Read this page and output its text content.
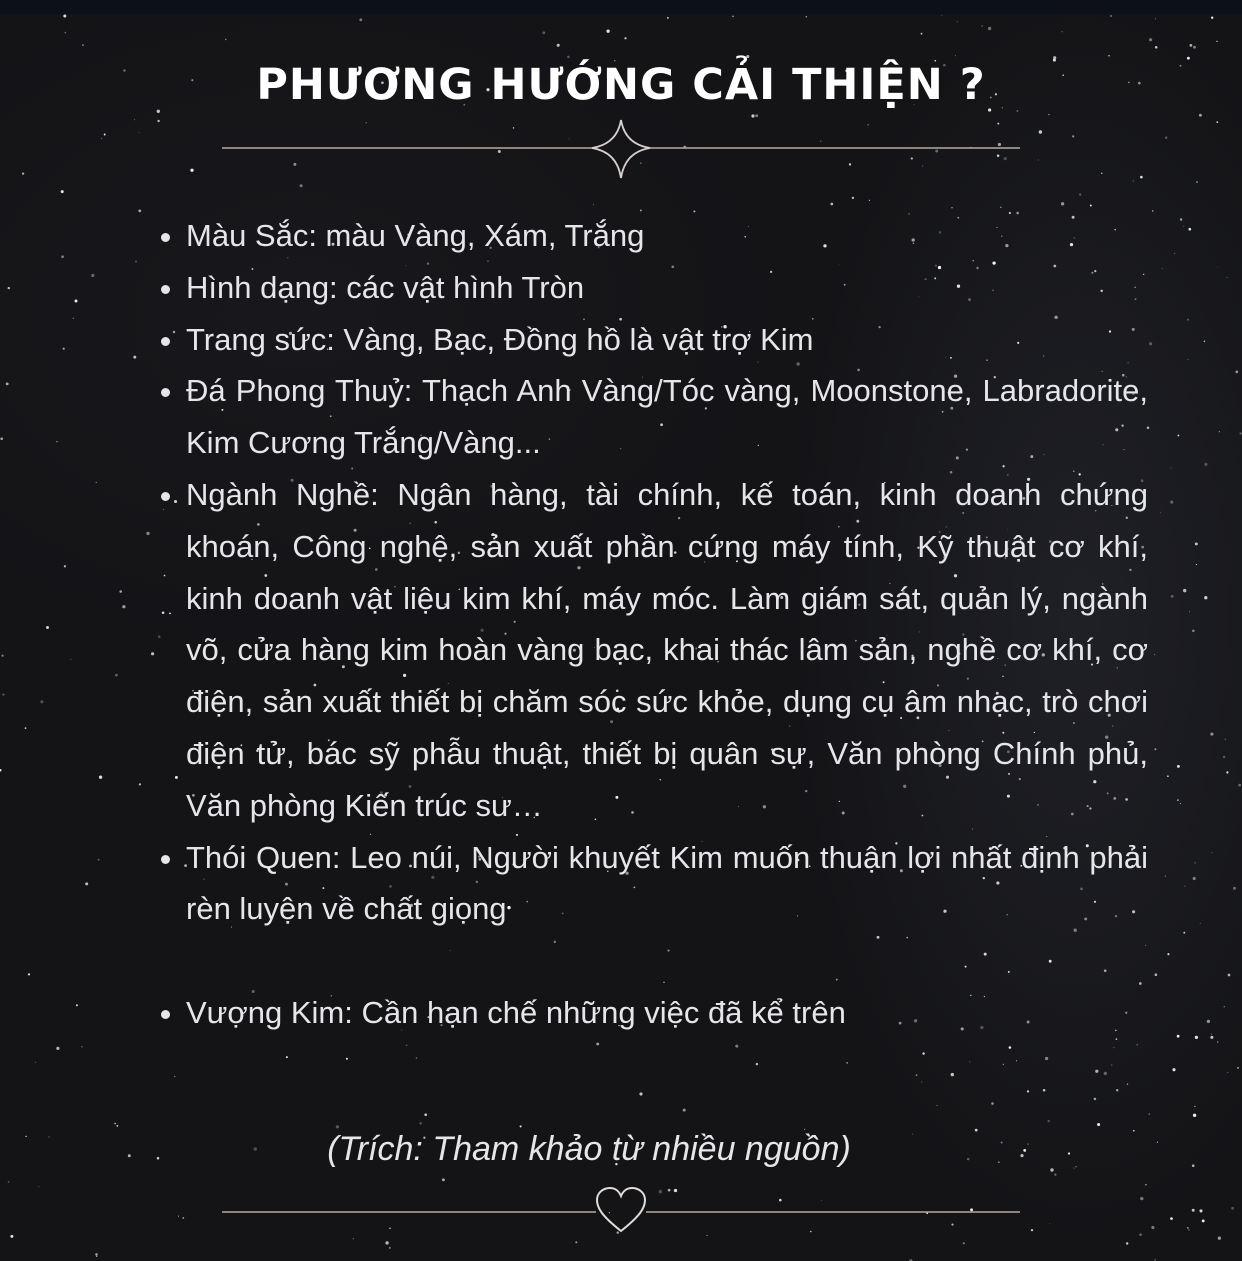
PHƯƠNG HƯỚNG CẢI THIỆN ?
• Màu Sắc: màu Vàng, Xám, Trắng
• Hình dạng: các vật hình Tròn
• Trang sức: Vàng, Bạc, Đồng hồ là vật trợ Kim
• Đá Phong Thuỷ: Thạch Anh Vàng/Tóc vàng, Moonstone, Labradorite, Kim Cương Trắng/Vàng...
• Ngành Nghề: Ngân hàng, tài chính, kế toán, kinh doanh chứng khoán, Công nghệ, sản xuất phần cứng máy tính, Kỹ thuật cơ khí, kinh doanh vật liệu kim khí, máy móc. Làm giám sát, quản lý, ngành võ, cửa hàng kim hoàn vàng bạc, khai thác lâm sản, nghề cơ khí, cơ điện, sản xuất thiết bị chăm sóc sức khỏe, dụng cụ âm nhạc, trò chơi điện tử, bác sỹ phẫu thuật, thiết bị quân sự, Văn phòng Chính phủ, Văn phòng Kiến trúc sư…
• Thói Quen: Leo núi, Người khuyết Kim muốn thuận lợi nhất định phải rèn luyện về chất giọng
• Vượng Kim: Cần hạn chế những việc đã kể trên
(Trích: Tham khảo từ nhiều nguồn)
